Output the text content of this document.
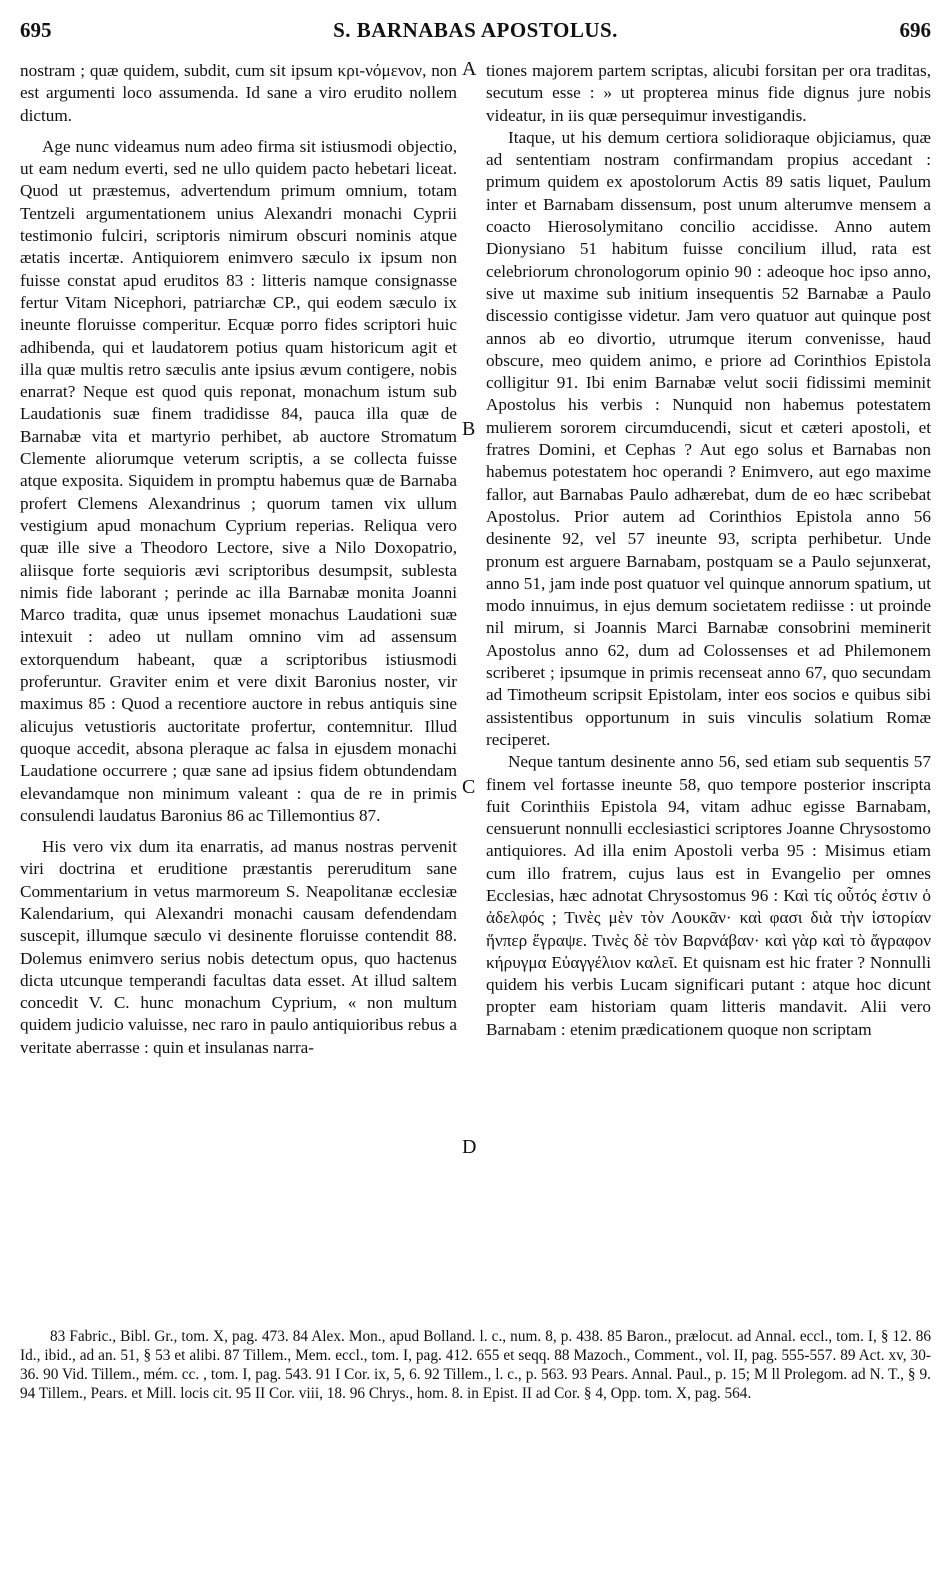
695	S. BARNABAS APOSTOLUS.	696

nostram ; quæ quidem, subdit, cum sit ipsum κρι-νόμενον, non est argumenti loco assumenda. Id sane a viro erudito nollem dictum.

Age nunc videamus num adeo firma sit istiusmodi objectio, ut eam nedum everti, sed ne ullo quidem pacto hebetari liceat. Quod ut præstemus, advertendum primum omnium, totam Tentzeli argumentationem unius Alexandri monachi Cyprii testimonio fulciri, scriptoris nimirum obscuri nominis atque ætatis incertæ. Antiquiorem enimvero sæculo ix ipsum non fuisse constat apud eruditos 83 : litteris namque consignasse fertur Vitam Nicephori, patriarchæ CP., qui eodem sæculo ix ineunte floruisse comperitur. Ecquæ porro fides scriptori huic adhibenda, qui et laudatorem potius quam historicum agit et illa quæ multis retro sæculis ante ipsius ævum contigere, nobis enarrat? Neque est quod quis reponat, monachum istum sub Laudationis suæ finem tradidisse 84, pauca illa quæ de Barnabæ vita et martyrio perhibet, ab auctore Stromatum Clemente aliorumque veterum scriptis, a se collecta fuisse atque exposita. Siquidem in promptu habemus quæ de Barnaba profert Clemens Alexandrinus ; quorum tamen vix ullum vestigium apud monachum Cyprium reperias. Reliqua vero quæ ille sive a Theodoro Lectore, sive a Nilo Doxopatrio, aliisque forte sequioris ævi scriptoribus desumpsit, sublesta nimis fide laborant ; perinde ac illa Barnabæ monita Joanni Marco tradita, quæ unus ipsemet monachus Laudationi suæ intexuit : adeo ut nullam omnino vim ad assensum extorquendum habeant, quæ a scriptoribus istiusmodi proferuntur. Graviter enim et vere dixit Baronius noster, vir maximus 85 : Quod a recentiore auctore in rebus antiquis sine alicujus vetustioris auctoritate profertur, contemnitur. Illud quoque accedit, absona pleraque ac falsa in ejusdem monachi Laudatione occurrere ; quæ sane ad ipsius fidem obtundendam elevandamque non minimum valeant : qua de re in primis consulendi laudatus Baronius 86 ac Tillemontius 87.

His vero vix dum ita enarratis, ad manus nostras pervenit viri doctrina et eruditione præstantis pereruditum sane Commentarium in vetus marmoreum S. Neapolitanæ ecclesiæ Kalendarium, qui Alexandri monachi causam defendendam suscepit, illumque sæculo vi desinente floruisse contendit 88. Dolemus enimvero serius nobis detectum opus, quo hactenus dicta utcunque temperandi facultas data esset. At illud saltem concedit V. C. hunc monachum Cyprium, « non multum quidem judicio valuisse, nec raro in paulo antiquioribus rebus a veritate aberrasse : quin et insulanas narra-

A
B
C
D

tiones majorem partem scriptas, alicubi forsitan per ora traditas, secutum esse : » ut propterea minus fide dignus jure nobis videatur, in iis quæ persequimur investigandis.

Itaque, ut his demum certiora solidioraque objiciamus, quæ ad sententiam nostram confirmandam propius accedant : primum quidem ex apostolorum Actis 89 satis liquet, Paulum inter et Barnabam dissensum, post unum alterumve mensem a coacto Hierosolymitano concilio accidisse. Anno autem Dionysiano 51 habitum fuisse concilium illud, rata est celebriorum chronologorum opinio 90 : adeoque hoc ipso anno, sive ut maxime sub initium insequentis 52 Barnabæ a Paulo discessio contigisse videtur. Jam vero quatuor aut quinque post annos ab eo divortio, utrumque iterum convenisse, haud obscure, meo quidem animo, e priore ad Corinthios Epistola colligitur 91. Ibi enim Barnabæ velut socii fidissimi meminit Apostolus his verbis : Nunquid non habemus potestatem mulierem sororem circumducendi, sicut et cæteri apostoli, et fratres Domini, et Cephas ? Aut ego solus et Barnabas non habemus potestatem hoc operandi ? Enimvero, aut ego maxime fallor, aut Barnabas Paulo adhærebat, dum de eo hæc scribebat Apostolus. Prior autem ad Corinthios Epistola anno 56 desinente 92, vel 57 ineunte 93, scripta perhibetur. Unde pronum est arguere Barnabam, postquam se a Paulo sejunxerat, anno 51, jam inde post quatuor vel quinque annorum spatium, ut modo innuimus, in ejus demum societatem rediisse : ut proinde nil mirum, si Joannis Marci Barnabæ consobrini meminerit Apostolus anno 62, dum ad Colossenses et ad Philemonem scriberet ; ipsumque in primis recenseat anno 67, quo secundam ad Timotheum scripsit Epistolam, inter eos socios e quibus sibi assistentibus opportunum in suis vinculis solatium Romæ reciperet.

Neque tantum desinente anno 56, sed etiam sub sequentis 57 finem vel fortasse ineunte 58, quo tempore posterior inscripta fuit Corinthiis Epistola 94, vitam adhuc egisse Barnabam, censuerunt nonnulli ecclesiastici scriptores Joanne Chrysostomo antiquiores. Ad illa enim Apostoli verba 95 : Misimus etiam cum illo fratrem, cujus laus est in Evangelio per omnes Ecclesias, hæc adnotat Chrysostomus 96 : Καὶ τίς οὗτός ἐστιν ὁ ἀδελφός ; Τινὲς μὲν τὸν Λουκᾶν· καὶ φασι διὰ τὴν ἱστορίαν ἥνπερ ἔγραψε. Τινὲς δὲ τὸν Βαρνάβαν· καὶ γὰρ καὶ τὸ ἄγραφον κήρυγμα Εὐαγγέλιον καλεῖ. Et quisnam est hic frater ? Nonnulli quidem his verbis Lucam significari putant : atque hoc dicunt propter eam historiam quam litteris mandavit. Alii vero Barnabam : etenim prædicationem quoque non scriptam

83 Fabric., Bibl. Gr., tom. X, pag. 473. 84 Alex. Mon., apud Bolland. l. c., num. 8, p. 438. 85 Baron., prælocut. ad Annal. eccl., tom. I, § 12. 86 Id., ibid., ad an. 51, § 53 et alibi. 87 Tillem., Mem. eccl., tom. I, pag. 412. 655 et seqq. 88 Mazoch., Comment., vol. II, pag. 555-557. 89 Act. xv, 30-36. 90 Vid. Tillem., mém. cc. , tom. I, pag. 543. 91 I Cor. ix, 5, 6. 92 Tillem., l. c., p. 563. 93 Pears. Annal. Paul., p. 15; M ll Prolegom. ad N. T., § 9. 94 Tillem., Pears. et Mill. locis cit. 95 II Cor. viii, 18. 96 Chrys., hom. 8. in Epist. II ad Cor. § 4, Opp. tom. X, pag. 564.
